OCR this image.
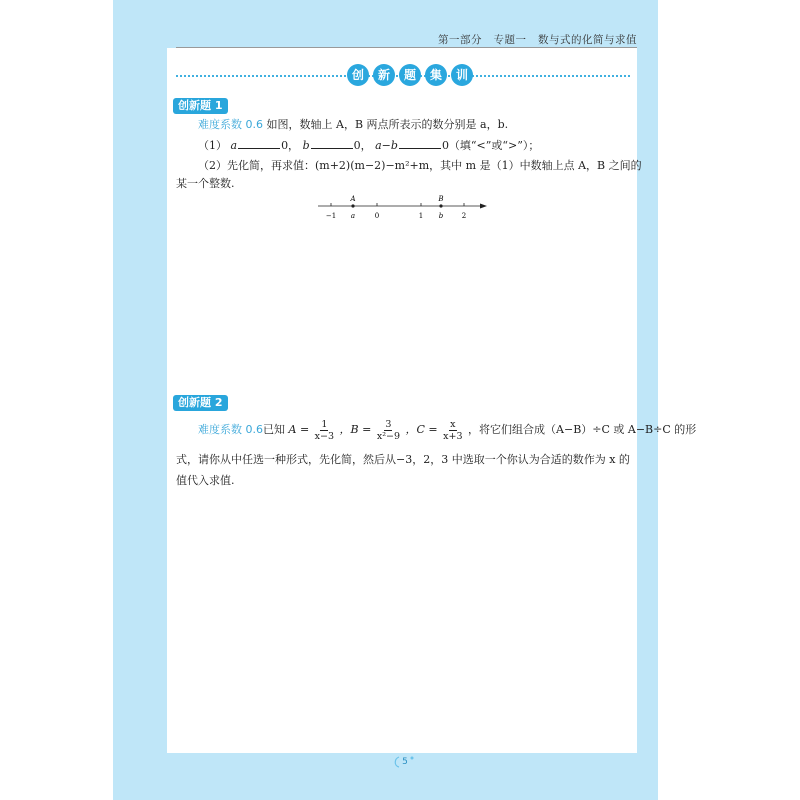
第一部分 专题一 数与式的化简与求值
创	新	题	集	训
创新题 1
难度系数 0.6 如图，数轴上 A，B 两点所表示的数分别是 a，b.
（1） a	0， b	0， a−b	0（填“<”或“>”）；
（2）先化简，再求值：(m+2)(m−2)−m²+m，其中 m 是（1）中数轴上点 A，B 之间的
某一个整数.
A	B
−1 a	0	1 b	2
创新题 2
难度系数 0.6已知 $A = \frac{1}{x-3}$ ，$B = \frac{3}{\text{x²−9}}$ ，$C = \frac{x}{x+3}$ ，将它们组合成（A−B）÷C 或 A−B÷C 的形
式，请你从中任选一种形式，先化简，然后从−3，2，3 中选取一个你认为合适的数作为 x 的
值代入求值.
5
